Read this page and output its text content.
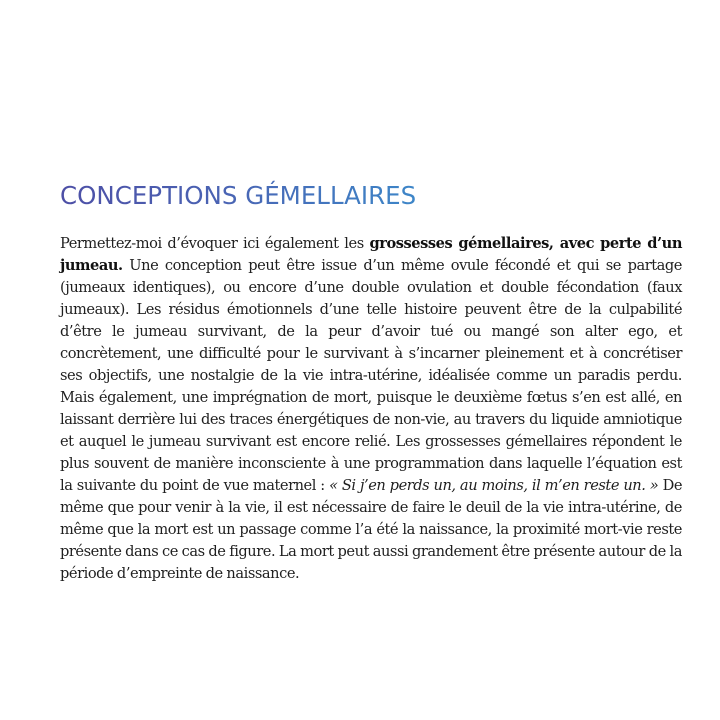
CONCEPTIONS GÉMELLAIRES

Permettez-moi d’évoquer ici également les grossesses gémellaires, avec perte d’un jumeau. Une conception peut être issue d’un même ovule fécondé et qui se partage (jumeaux identiques), ou encore d’une double ovulation et double fécondation (faux jumeaux). Les résidus émotionnels d’une telle histoire peuvent être de la culpabilité d’être le jumeau survivant, de la peur d’avoir tué ou mangé son alter ego, et concrètement, une difficulté pour le survivant à s’incarner pleinement et à concrétiser ses objectifs, une nostalgie de la vie intra-utérine, idéalisée comme un paradis perdu. Mais également, une imprégnation de mort, puisque le deuxième fœtus s’en est allé, en laissant derrière lui des traces énergétiques de non-vie, au travers du liquide amniotique et auquel le jumeau survivant est encore relié. Les grossesses gémellaires répondent le plus souvent de manière inconsciente à une programmation dans laquelle l’équation est la suivante du point de vue maternel : « Si j’en perds un, au moins, il m’en reste un. » De même que pour venir à la vie, il est nécessaire de faire le deuil de la vie intra-utérine, de même que la mort est un passage comme l’a été la naissance, la proximité mort-vie reste présente dans ce cas de figure. La mort peut aussi grandement être présente autour de la période d’empreinte de naissance.
